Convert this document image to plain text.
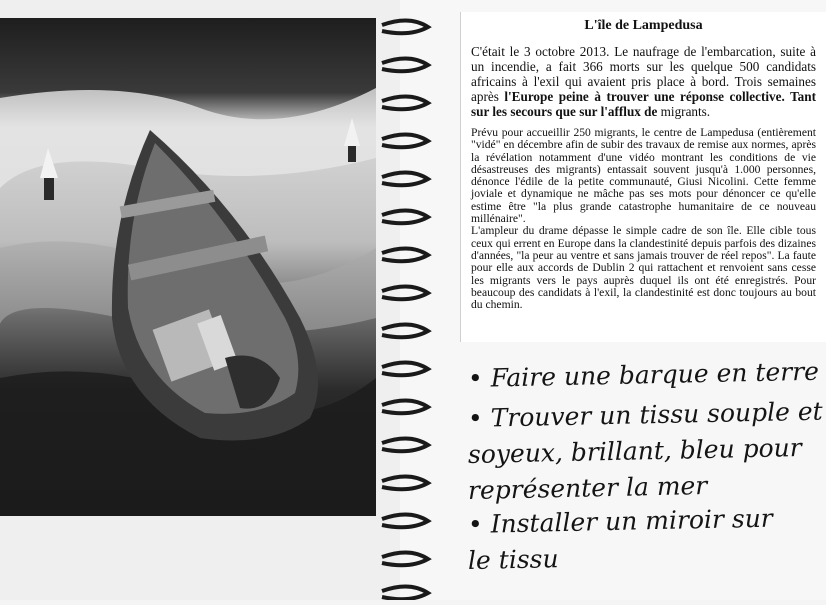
L'île de Lampedusa

C'était le 3 octobre 2013. Le naufrage de l'embarcation, suite à un incendie, a fait 366 morts sur les quelque 500 candidats africains à l'exil qui avaient pris place à bord. Trois semaines après l'Europe peine à trouver une réponse collective. Tant sur les secours que sur l'afflux de migrants.

Prévu pour accueillir 250 migrants, le centre de Lampedusa (entièrement "vidé" en décembre afin de subir des travaux de remise aux normes, après la révélation notamment d'une vidéo montrant les conditions de vie désastreuses des migrants) entassait souvent jusqu'à 1.000 personnes, dénonce l'édile de la petite communauté, Giusi Nicolini. Cette femme joviale et dynamique ne mâche pas ses mots pour dénoncer ce qu'elle estime être "la plus grande catastrophe humanitaire de ce nouveau millénaire".

L'ampleur du drame dépasse le simple cadre de son île. Elle cible tous ceux qui errent en Europe dans la clandestinité depuis parfois des dizaines d'années, "la peur au ventre et sans jamais trouver de réel repos". La faute pour elle aux accords de Dublin 2 qui rattachent et renvoient sans cesse les migrants vers le pays auprès duquel ils ont été enregistrés. Pour beaucoup des candidats à l'exil, la clandestinité est donc toujours au bout du chemin.

• Faire une barque en terre
• Trouver un tissu souple et
soyeux, brillant, bleu pour
représenter la mer
• Installer un miroir sur
le tissu
